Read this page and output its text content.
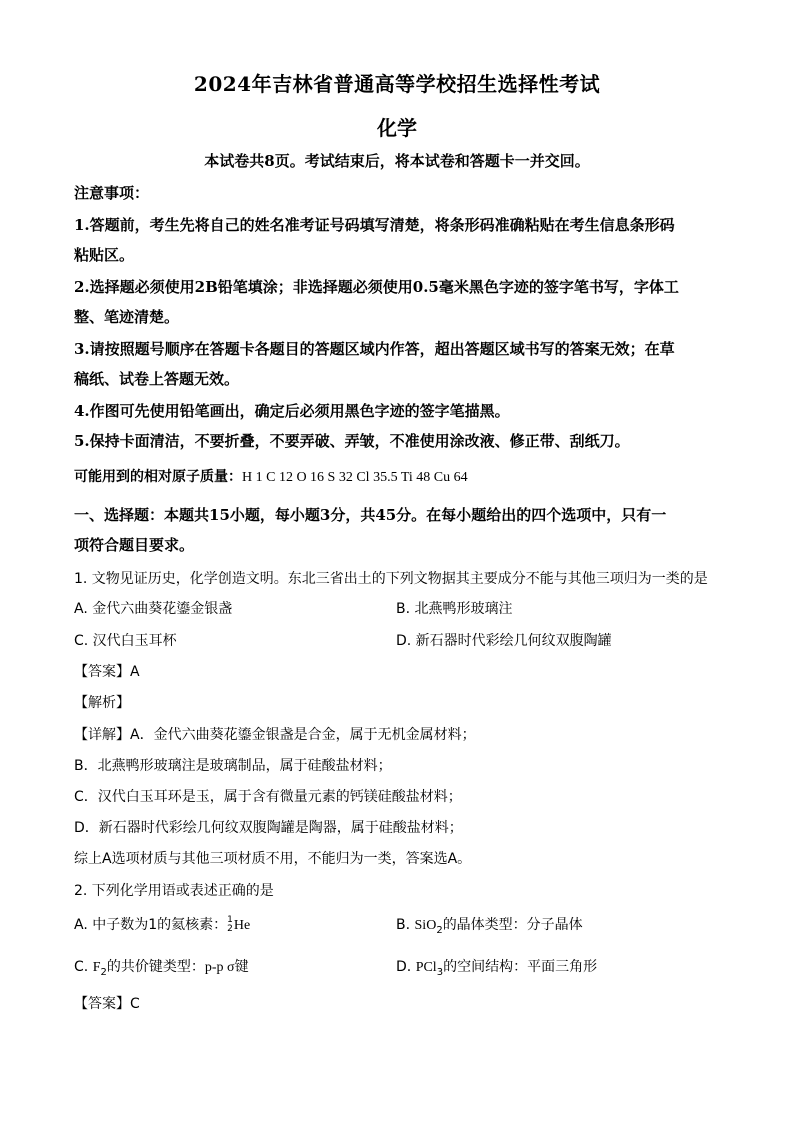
2024年吉林省普通高等学校招生选择性考试
化学
本试卷共8页。考试结束后，将本试卷和答题卡一并交回。
注意事项：
1.答题前，考生先将自己的姓名准考证号码填写清楚，将条形码准确粘贴在考生信息条形码
粘贴区。
2.选择题必须使用2B铅笔填涂；非选择题必须使用0.5毫米黑色字迹的签字笔书写，字体工
整、笔迹清楚。
3.请按照题号顺序在答题卡各题目的答题区域内作答，超出答题区域书写的答案无效；在草
稿纸、试卷上答题无效。
4.作图可先使用铅笔画出，确定后必须用黑色字迹的签字笔描黑。
5.保持卡面清洁，不要折叠，不要弄破、弄皱，不准使用涂改液、修正带、刮纸刀。
可能用到的相对原子质量：H 1 C 12 O 16 S 32 Cl 35.5 Ti 48 Cu 64
一、选择题：本题共15小题，每小题3分，共45分。在每小题给出的四个选项中，只有一
项符合题目要求。
1. 文物见证历史，化学创造文明。东北三省出土的下列文物据其主要成分不能与其他三项归为一类的是
A. 金代六曲葵花鎏金银盏	B. 北燕鸭形玻璃注
C. 汉代白玉耳杯	D. 新石器时代彩绘几何纹双腹陶罐
【答案】A
【解析】
【详解】A．金代六曲葵花鎏金银盏是合金，属于无机金属材料；
B．北燕鸭形玻璃注是玻璃制品，属于硅酸盐材料；
C．汉代白玉耳环是玉，属于含有微量元素的钙镁硅酸盐材料；
D．新石器时代彩绘几何纹双腹陶罐是陶器，属于硅酸盐材料；
综上A选项材质与其他三项材质不用，不能归为一类，答案选A。
2. 下列化学用语或表述正确的是
A. 中子数为1的氦核素： 1
2 He	B. SiO$_2$的晶体类型：分子晶体
C. $F_2$的共价键类型：p-p σ键	D. PCl$_3$的空间结构：平面三角形
【答案】C
